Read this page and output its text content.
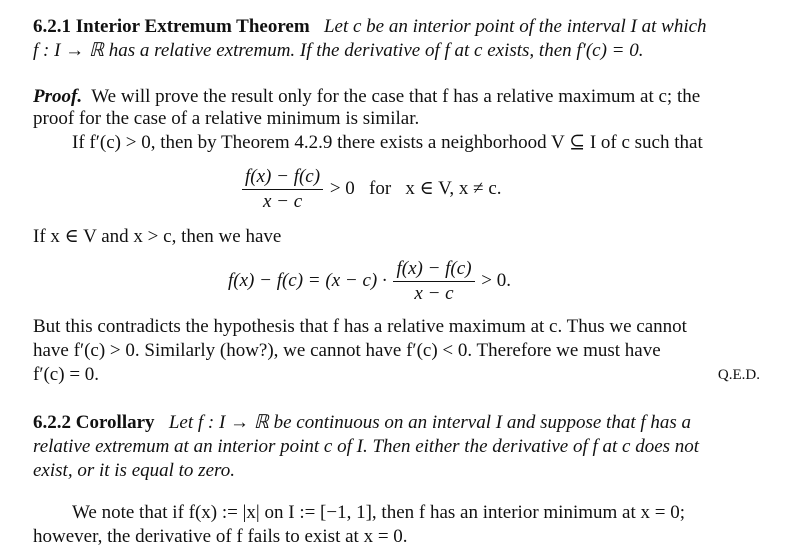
6.2.1 Interior Extremum Theorem Let c be an interior point of the interval I at which
f : I → ℝ has a relative extremum. If the derivative of f at c exists, then f′(c) = 0.
Proof. We will prove the result only for the case that f has a relative maximum at c; the
proof for the case of a relative minimum is similar.
If f′(c) > 0, then by Theorem 4.2.9 there exists a neighborhood V ⊆ I of c such that
$\frac{f(x) - f(c)}{x - c} > 0$   for   x ∈ V, x ≠ c.
If x ∈ V and x > c, then we have
$f(x) - f(c) = (x - c) \cdot \frac{f(x) - f(c)}{x - c} > 0$.
But this contradicts the hypothesis that f has a relative maximum at c. Thus we cannot
have f′(c) > 0. Similarly (how?), we cannot have f′(c) < 0. Therefore we must have
f′(c) = 0.	Q.E.D.
6.2.2 Corollary Let f : I → ℝ be continuous on an interval I and suppose that f has a
relative extremum at an interior point c of I. Then either the derivative of f at c does not
exist, or it is equal to zero.
We note that if f(x) := |x| on I := [−1, 1], then f has an interior minimum at x = 0;
however, the derivative of f fails to exist at x = 0.
